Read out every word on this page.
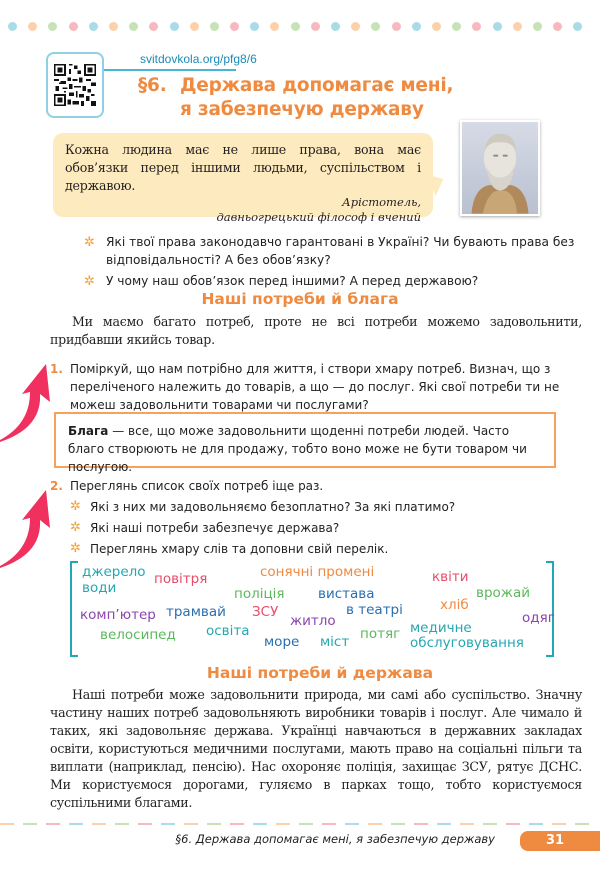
svitdovkola.org/pfg8/6
§6. Держава допомагає мені,
я забезпечую державу

Кожна людина має не лише права, вона має обов’язки перед іншими людьми, суспільством і державою.

Арістотель,

давньогрецький філософ і вчений

✲ Які твої права законодавчо гарантовані в Україні? Чи бувають права без відповідальності? А без обов’язку?
✲ У чому наш обов’язок перед іншими? А перед державою?
Наші потреби й блага

Ми маємо багато потреб, проте не всі потреби можемо задовольнити, придбавши якийсь товар.

1. Поміркуй, що нам потрібно для життя, і створи хмару потреб. Визнач, що з переліченого належить до товарів, а що — до послуг. Які свої потреби ти не можеш задовольнити товарами чи послугами?

Блага — все, що може задовольнити щоденні потреби людей. Часто благо створюють не для продажу, тобто воно може не бути товаром чи послугою.
2. Переглянь список своїх потреб іще раз.

✲ Які з них ми задовольняємо безоплатно? За які платимо?
✲ Які наші потреби забезпечує держава?
✲ Переглянь хмару слів та доповни свій перелік.
джерело
води
повітря	сонячні промені	квіти
врожай
поліція вистава
хліб
комп’ютер трамвай ЗСУ
житло
в театрі
медичне
обслуговування
одяг
велосипед освіта
море міст потяг
Наші потреби й держава

Наші потреби може задовольнити природа, ми самі або суспільство. Значну частину наших потреб задовольняють виробники товарів і послуг. Але чимало й таких, які задовольняє держава. Українці навчаються в державних закладах освіти, користуються медичними послугами, мають право на соціальні пільги та виплати (наприклад, пенсію). Нас охороняє поліція, захищає ЗСУ, рятує ДСНС. Ми користуємося дорогами, гуляємо в парках тощо, тобто користуємося суспільними благами.

§6. Держава допомагає мені, я забезпечую державу	31
